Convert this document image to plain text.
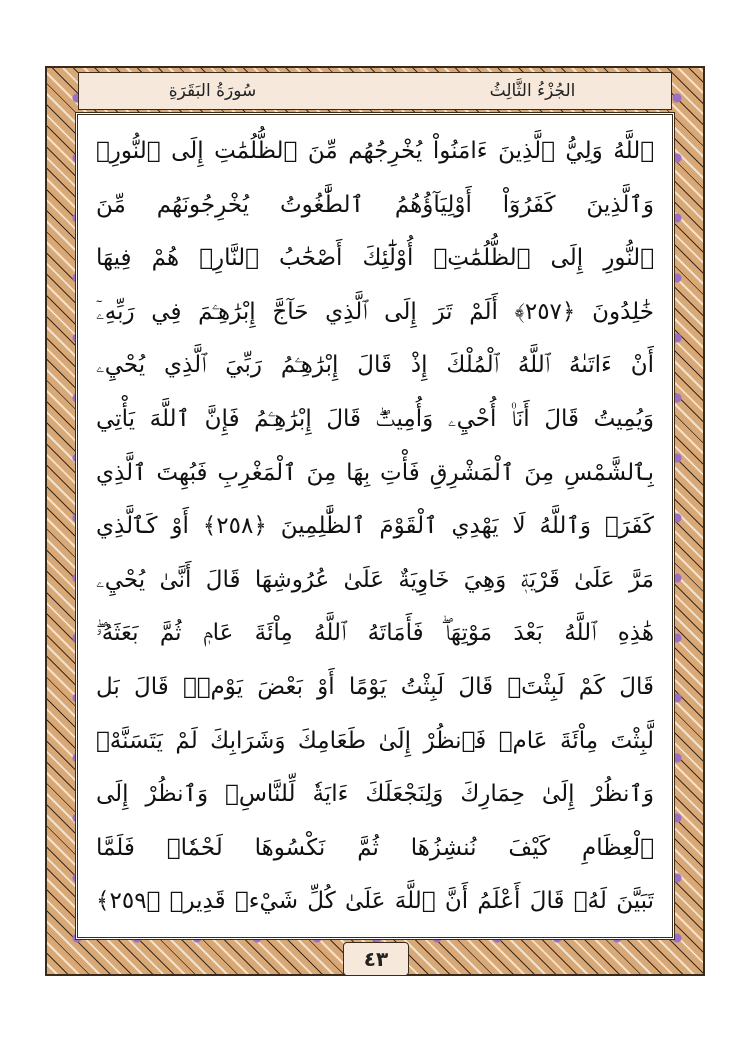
الجُزْءُ الثَّالِثُ
سُورَةُ البَقَرَةِ
ٱللَّهُ وَلِيُّ ٱلَّذِينَ ءَامَنُواْ يُخْرِجُهُم مِّنَ ٱلظُّلُمَٰتِ إِلَى ٱلنُّورِۖ
وَٱلَّذِينَ كَفَرُوٓاْ أَوْلِيَآؤُهُمُ ٱلطَّٰغُوتُ يُخْرِجُونَهُم مِّنَ
ٱلنُّورِ إِلَى ٱلظُّلُمَٰتِۗ أُوْلَٰٓئِكَ أَصْحَٰبُ ٱلنَّارِۖ هُمْ فِيهَا
خَٰلِدُونَ ﴿٢٥٧﴾ أَلَمْ تَرَ إِلَى ٱلَّذِي حَآجَّ إِبْرَٰهِـۧمَ فِي رَبِّهِۦٓ
أَنْ ءَاتَىٰهُ ٱللَّهُ ٱلْمُلْكَ إِذْ قَالَ إِبْرَٰهِـۧمُ رَبِّيَ ٱلَّذِي يُحْيِۦ
وَيُمِيتُ قَالَ أَنَا۠ أُحْيِۦ وَأُمِيتُۖ قَالَ إِبْرَٰهِـۧمُ فَإِنَّ ٱللَّهَ يَأْتِي
بِٱلشَّمْسِ مِنَ ٱلْمَشْرِقِ فَأْتِ بِهَا مِنَ ٱلْمَغْرِبِ فَبُهِتَ ٱلَّذِي
كَفَرَۗ وَٱللَّهُ لَا يَهْدِي ٱلْقَوْمَ ٱلظَّٰلِمِينَ ﴿٢٥٨﴾ أَوْ كَٱلَّذِي
مَرَّ عَلَىٰ قَرْيَةٖ وَهِيَ خَاوِيَةٌ عَلَىٰ عُرُوشِهَا قَالَ أَنَّىٰ يُحْيِۦ
هَٰذِهِ ٱللَّهُ بَعْدَ مَوْتِهَاۖ فَأَمَاتَهُ ٱللَّهُ مِاْئَةَ عَامٖ ثُمَّ بَعَثَهُۥۖ
قَالَ كَمْ لَبِثْتَۖ قَالَ لَبِثْتُ يَوْمًا أَوْ بَعْضَ يَوْمٖۖ قَالَ بَل
لَّبِثْتَ مِاْئَةَ عَامٖ فَٱنظُرْ إِلَىٰ طَعَامِكَ وَشَرَابِكَ لَمْ يَتَسَنَّهْۖ
وَٱنظُرْ إِلَىٰ حِمَارِكَ وَلِنَجْعَلَكَ ءَايَةٗ لِّلنَّاسِۖ وَٱنظُرْ إِلَى
ٱلْعِظَامِ كَيْفَ نُنشِزُهَا ثُمَّ نَكْسُوهَا لَحْمٗاۚ فَلَمَّا
تَبَيَّنَ لَهُۥ قَالَ أَعْلَمُ أَنَّ ٱللَّهَ عَلَىٰ كُلِّ شَيْءٖ قَدِيرٞ ﴿٢٥٩﴾
٤٣
